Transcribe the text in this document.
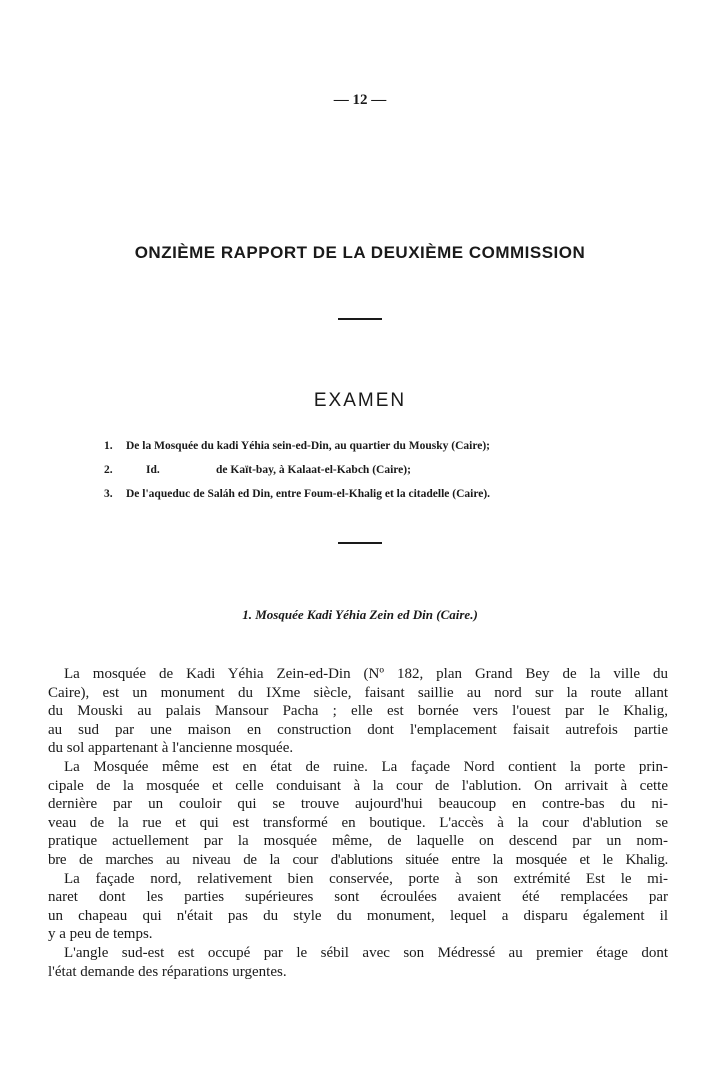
— 12 —
ONZIÈME RAPPORT DE LA DEUXIÈME COMMISSION
EXAMEN
1. De la Mosquée du kadi Yéhia sein-ed-Din, au quartier du Mousky (Caire);
2.	Id.	de Kaït-bay, à Kalaat-el-Kabch (Caire);
3. De l'aqueduc de Saláh ed Din, entre Foum-el-Khalig et la citadelle (Caire).
1. Mosquée Kadi Yéhia Zein ed Din (Caire.)
La mosquée de Kadi Yéhia Zein-ed-Din (Nº 182, plan Grand Bey de la ville du
Caire), est un monument du IXme siècle, faisant saillie au nord sur la route allant
du Mouski au palais Mansour Pacha ; elle est bornée vers l'ouest par le Khalig,
au sud par une maison en construction dont l'emplacement faisait autrefois partie
du sol appartenant à l'ancienne mosquée.
La Mosquée même est en état de ruine. La façade Nord contient la porte prin-
cipale de la mosquée et celle conduisant à la cour de l'ablution. On arrivait à cette
dernière par un couloir qui se trouve aujourd'hui beaucoup en contre-bas du ni-
veau de la rue et qui est transformé en boutique. L'accès à la cour d'ablution se
pratique actuellement par la mosquée même, de laquelle on descend par un nom-
bre de marches au niveau de la cour d'ablutions située entre la mosquée et le Khalig.
La façade nord, relativement bien conservée, porte à son extrémité Est le mi-
naret dont les parties supérieures sont écroulées avaient été remplacées par
un chapeau qui n'était pas du style du monument, lequel a disparu également il
y a peu de temps.
L'angle sud-est est occupé par le sébil avec son Médressé au premier étage dont
l'état demande des réparations urgentes.
